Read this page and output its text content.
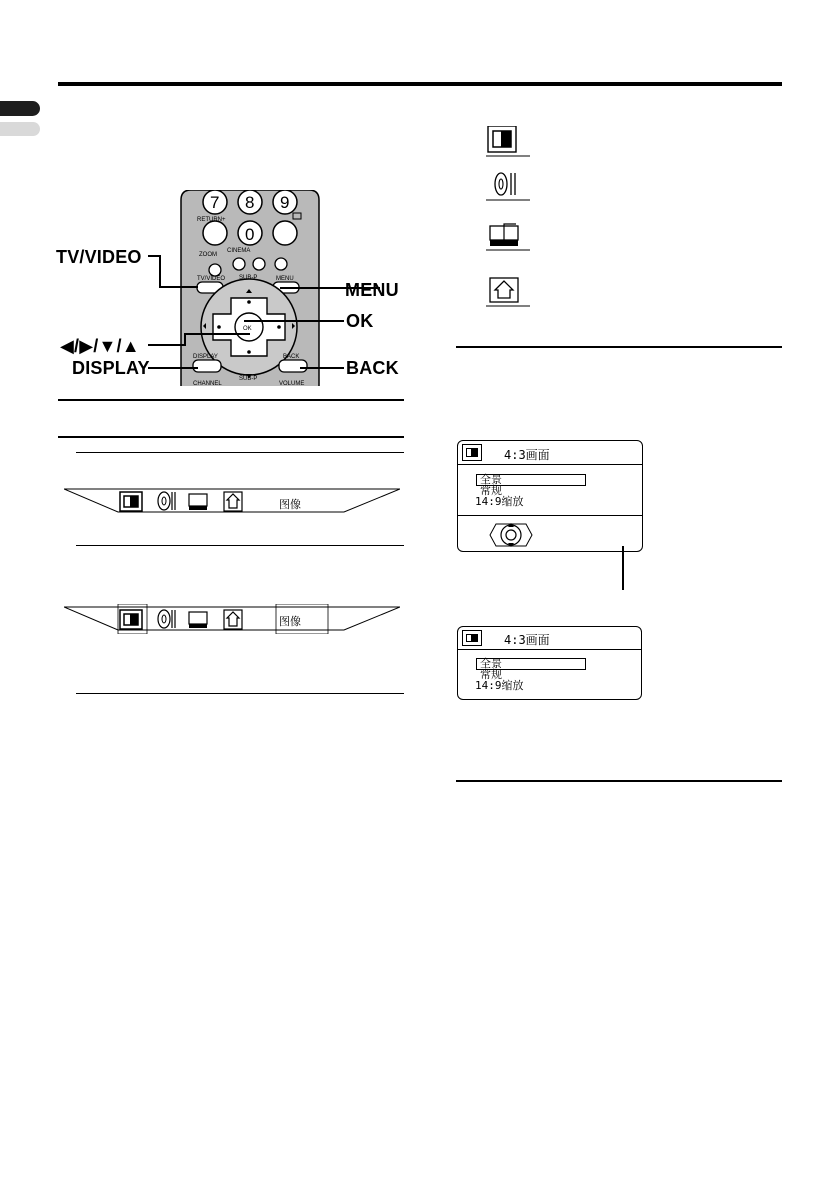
7 8 9
0
RETURN+
ZOOM
CINEMA
TV/VIDEO SUB-P	MENU
OK
DISPLAY	BACK
SUB-P
CHANNEL	VOLUME
TV/VIDEO
MENU
OK
◀/▶/▼/▲
DISPLAY	BACK
图像
图像
4:3画面
全景
常规
14:9缩放
4:3画面
全景
常规
14:9缩放
